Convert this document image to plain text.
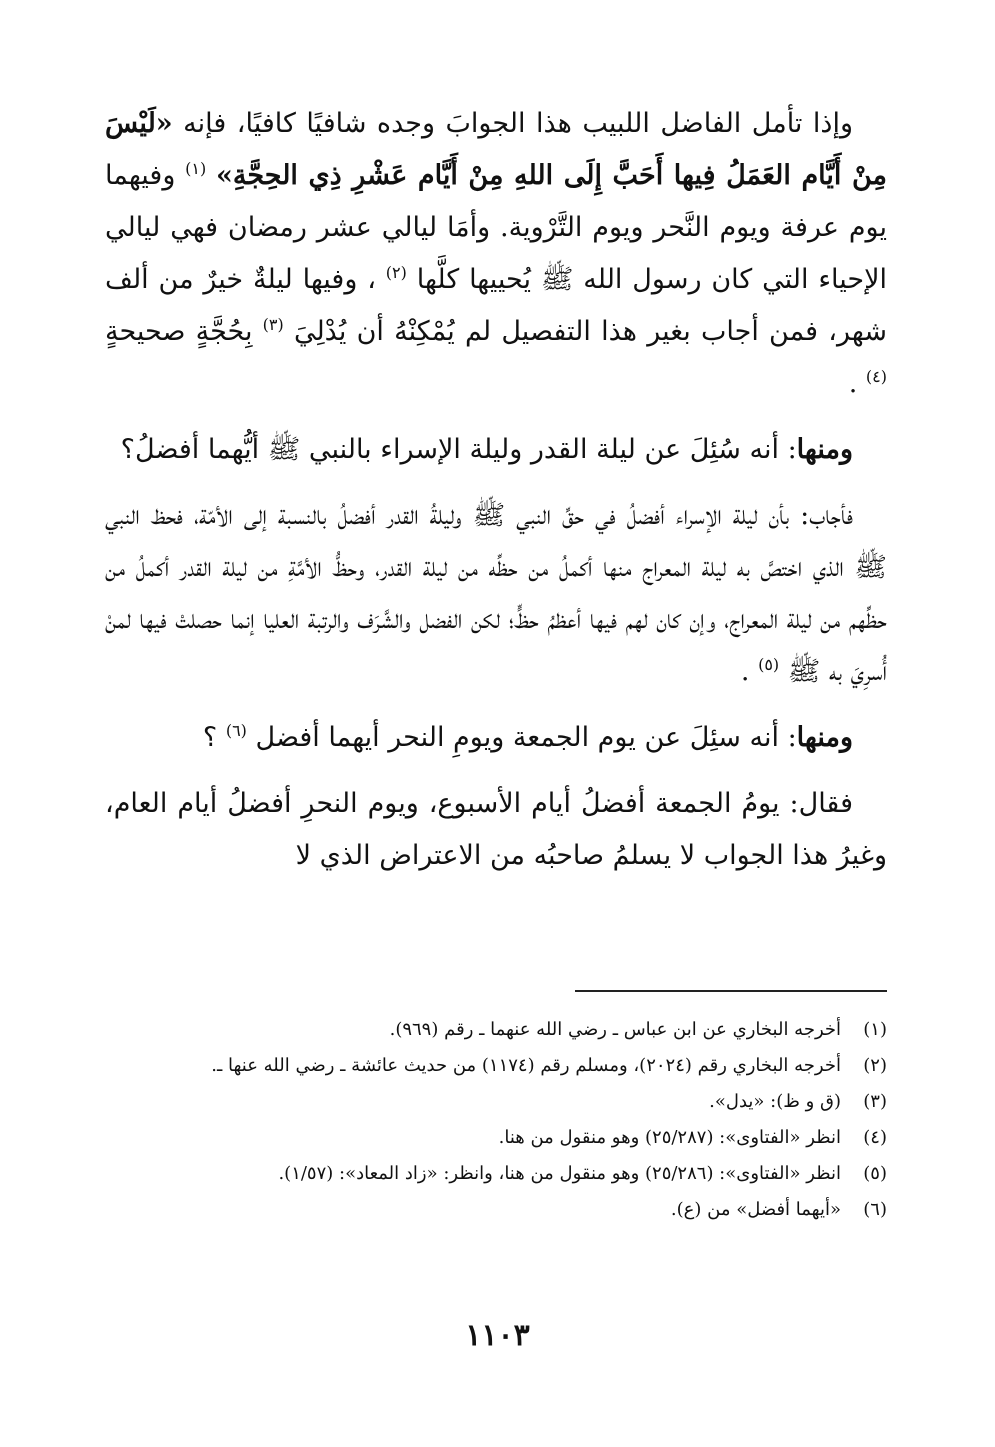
وإذا تأمل الفاضل اللبيب هذا الجوابَ وجده شافيًا كافيًا، فإنه «لَيْسَ مِنْ أَيَّام العَمَلُ فِيها أَحَبَّ إِلَى اللهِ مِنْ أَيَّام عَشْرِ ذِي الحِجَّةِ» $^{(١)}$ وفيهما يوم عرفة ويوم النَّحر ويوم التَّرْوية. وأمَا ليالي عشر رمضان فهي ليالي الإحياء التي كان رسول الله ﷺ يُحييها كلَّها $^{(٢)}$ ، وفيها ليلةٌ خيرٌ من ألف شهر، فمن أجاب بغير هذا التفصيل لم يُمْكِنْهُ أن يُدْلِيَ $^{(٣)}$ بِحُجَّةٍ صحيحةٍ $^{(٤)}$ .

ومنها: أنه سُئِلَ عن ليلة القدر وليلة الإسراء بالنبي ﷺ أيُّهما أفضلُ؟

فأجاب: بأن ليلة الإسراء أفضلُ في حقِّ النبي ﷺ وليلةُ القدر أفضلُ بالنسبة إلى الأمّة، فحظ النبي ﷺ الذي اختصَّ به ليلة المعراج منها أكملُ من حظِّه من ليلة القدر، وحظُّ الأمَّةِ من ليلة القدر أكملُ من حظِّهم من ليلة المعراج، وإن كان لهم فيها أعظمُ حظٍّ؛ لكن الفضل والشَّرَف والرتبة العليا إنما حصلتْ فيها لمنْ أُسرِيَ به ﷺ $^{(٥)}$ .

ومنها: أنه سئِلَ عن يوم الجمعة ويومِ النحر أيهما أفضل $^{(٦)}$ ؟

فقال: يومُ الجمعة أفضلُ أيام الأسبوع، ويوم النحرِ أفضلُ أيام العام، وغيرُ هذا الجواب لا يسلمُ صاحبُه من الاعتراض الذي لا

(١)
أخرجه البخاري عن ابن عباس ـ رضي الله عنهما ـ رقم (٩٦٩).
(٢)
أخرجه البخاري رقم (٢٠٢٤)، ومسلم رقم (١١٧٤) من حديث عائشة ـ رضي الله عنها ـ.
(٣)
(ق و ظ): «يدل».
(٤)
انظر «الفتاوى»: (٢٥/٢٨٧) وهو منقول من هنا.
(٥)
انظر «الفتاوى»: (٢٥/٢٨٦) وهو منقول من هنا، وانظر: «زاد المعاد»: (١/٥٧).
(٦)
«أيهما أفضل» من (ع).
١١٠٣
